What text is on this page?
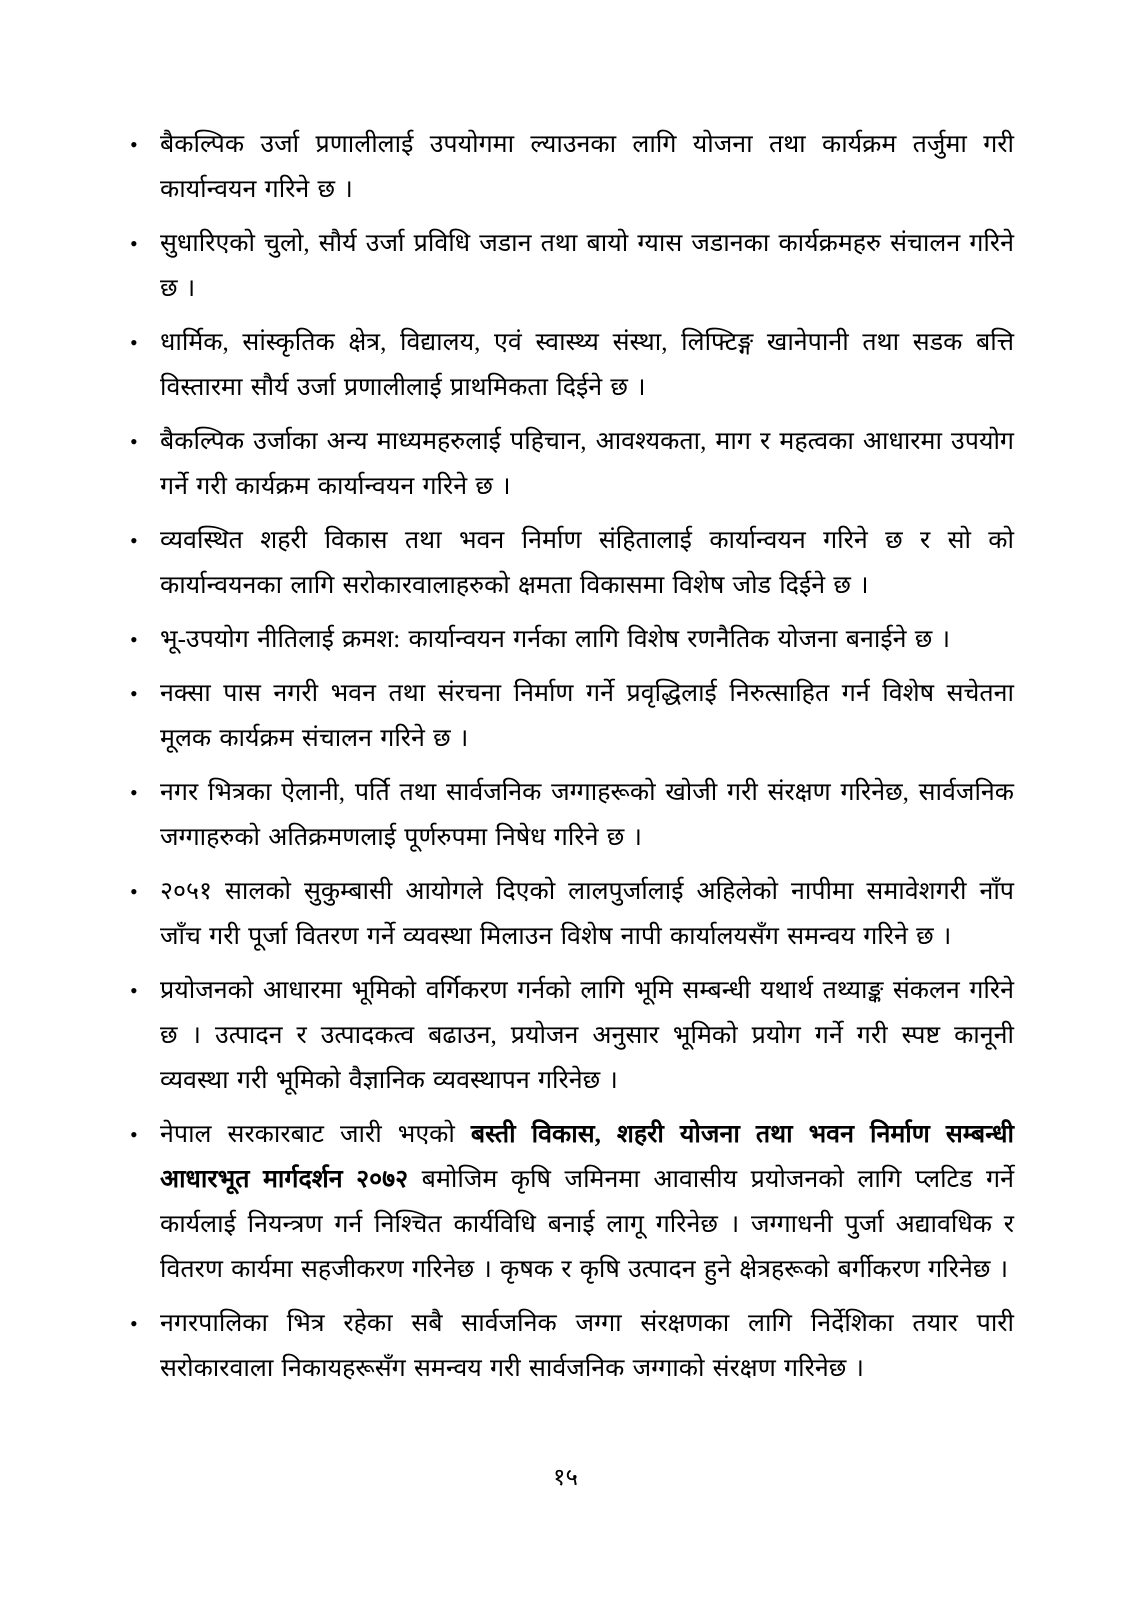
• बैकल्पिक उर्जा प्रणालीलाई उपयोगमा ल्याउनका लागि योजना तथा कार्यक्रम तर्जुमा गरी कार्यान्वयन गरिने छ ।
• सुधारिएको चुलो, सौर्य उर्जा प्रविधि जडान तथा बायो ग्यास जडानका कार्यक्रमहरु संचालन गरिने छ ।
• धार्मिक, सांस्कृतिक क्षेत्र, विद्यालय, एवं स्वास्थ्य संस्था, लिफ्टिङ्ग खानेपानी तथा सडक बत्ति विस्तारमा सौर्य उर्जा प्रणालीलाई प्राथमिकता दिईने छ ।
• बैकल्पिक उर्जाका अन्य माध्यमहरुलाई पहिचान, आवश्यकता, माग र महत्वका आधारमा उपयोग गर्ने गरी कार्यक्रम कार्यान्वयन गरिने छ ।
• व्यवस्थित शहरी विकास तथा भवन निर्माण संहितालाई कार्यान्वयन गरिने छ र सो को कार्यान्वयनका लागि सरोकारवालाहरुको क्षमता विकासमा विशेष जोड दिईने छ ।
• भू-उपयोग नीतिलाई क्रमश: कार्यान्वयन गर्नका लागि विशेष रणनैतिक योजना बनाईने छ ।
• नक्सा पास नगरी भवन तथा संरचना निर्माण गर्ने प्रवृद्धिलाई निरुत्साहित गर्न विशेष सचेतना मूलक कार्यक्रम संचालन गरिने छ ।
• नगर भित्रका ऐलानी, पर्ति तथा सार्वजनिक जग्गाहरूको खोजी गरी संरक्षण गरिनेछ, सार्वजनिक जग्गाहरुको अतिक्रमणलाई पूर्णरुपमा निषेध गरिने छ ।
• २०५१ सालको सुकुम्बासी आयोगले दिएको लालपुर्जालाई अहिलेको नापीमा समावेशगरी नाँप जाँच गरी पूर्जा वितरण गर्ने व्यवस्था मिलाउन विशेष नापी कार्यालयसँग समन्वय गरिने छ ।
• प्रयोजनको आधारमा भूमिको वर्गिकरण गर्नको लागि भूमि सम्बन्धी यथार्थ तथ्याङ्क संकलन गरिने छ । उत्पादन र उत्पादकत्व बढाउन, प्रयोजन अनुसार भूमिको प्रयोग गर्ने गरी स्पष्ट कानूनी व्यवस्था गरी भूमिको वैज्ञानिक व्यवस्थापन गरिनेछ ।
• नेपाल सरकारबाट जारी भएको बस्ती विकास, शहरी योजना तथा भवन निर्माण सम्बन्धी आधारभूत मार्गदर्शन २०७२ बमोजिम कृषि जमिनमा आवासीय प्रयोजनको लागि प्लटिड गर्ने कार्यलाई नियन्त्रण गर्न निश्चित कार्यविधि बनाई लागू गरिनेछ । जग्गाधनी पुर्जा अद्यावधिक र वितरण कार्यमा सहजीकरण गरिनेछ । कृषक र कृषि उत्पादन हुने क्षेत्रहरूको बर्गीकरण गरिनेछ ।
• नगरपालिका भित्र रहेका सबै सार्वजनिक जग्गा संरक्षणका लागि निर्देशिका तयार पारी सरोकारवाला निकायहरूसँग समन्वय गरी सार्वजनिक जग्गाको संरक्षण गरिनेछ ।
१५
